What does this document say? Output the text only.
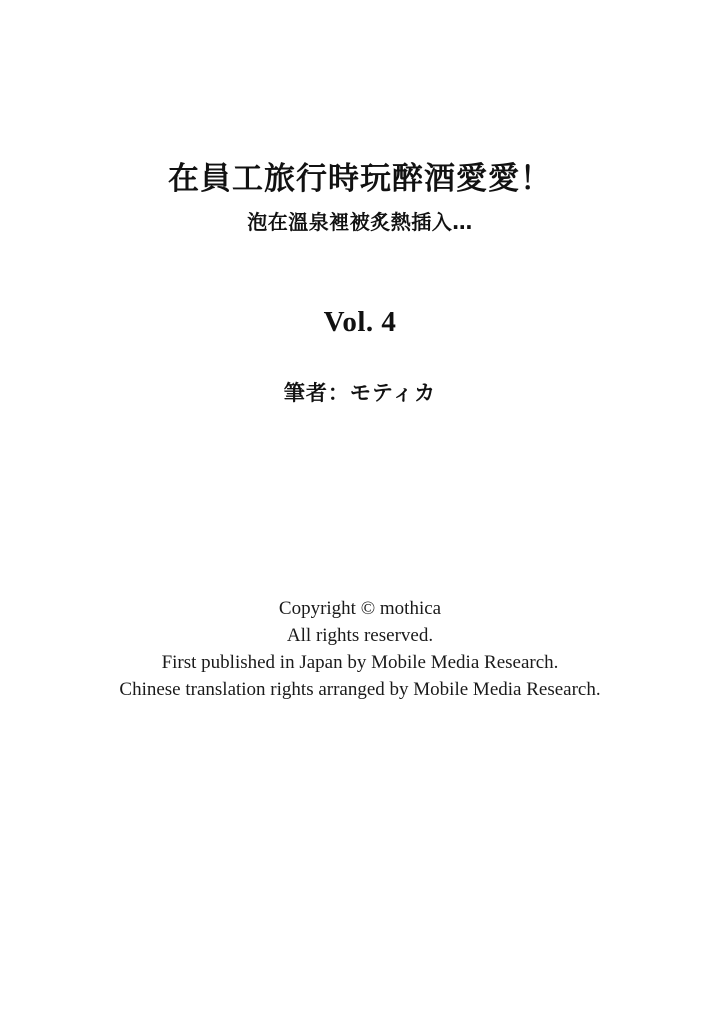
在員工旅行時玩醉酒愛愛！
泡在溫泉裡被炙熱插入…
Vol. 4
筆者：モティカ

Copyright © mothica

All rights reserved.

First published in Japan by Mobile Media Research.

Chinese translation rights arranged by Mobile Media Research.
